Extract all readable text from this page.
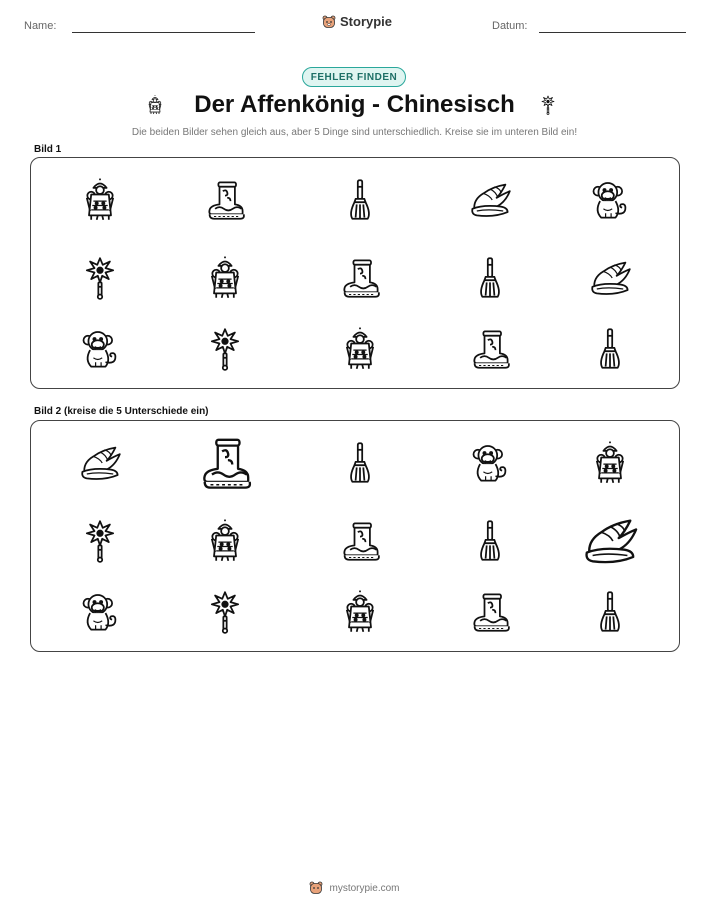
Name:	Storypie	Datum:
FEHLER FINDEN
Der Affenkönig - Chinesisch
Die beiden Bilder sehen gleich aus, aber 5 Dinge sind unterschiedlich. Kreise sie im unteren Bild ein!
Bild 1
Bild 2 (kreise die 5 Unterschiede ein)
mystorypie.com
